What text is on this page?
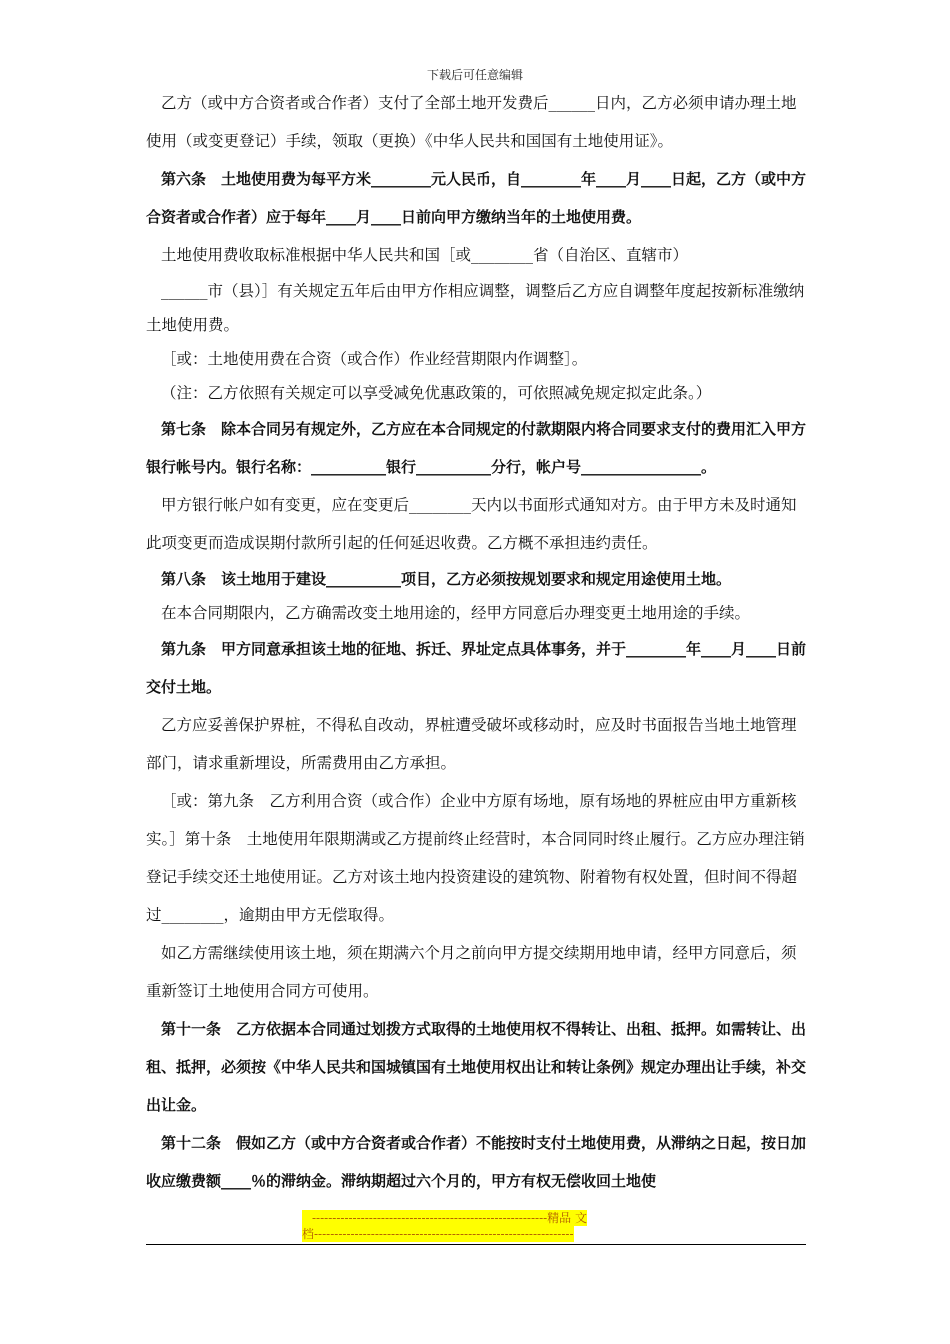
下载后可任意编辑

乙方（或中方合资者或合作者）支付了全部土地开发费后______日内，乙方必须申请办理土地使用（或变更登记）手续，领取（更换）《中华人民共和国国有土地使用证》。

第六条　土地使用费为每平方米________元人民币，自________年____月____日起，乙方（或中方合资者或合作者）应于每年____月____日前向甲方缴纳当年的土地使用费。

土地使用费收取标准根据中华人民共和国［或________省（自治区、直辖市）

______市（县）］有关规定五年后由甲方作相应调整，调整后乙方应自调整年度起按新标准缴纳土地使用费。

［或：土地使用费在合资（或合作）作业经营期限内作调整］。

（注：乙方依照有关规定可以享受减免优惠政策的，可依照减免规定拟定此条。）

第七条　除本合同另有规定外，乙方应在本合同规定的付款期限内将合同要求支付的费用汇入甲方银行帐号内。银行名称：__________银行__________分行，帐户号________________。

甲方银行帐户如有变更，应在变更后________天内以书面形式通知对方。由于甲方未及时通知此项变更而造成误期付款所引起的任何延迟收费。乙方概不承担违约责任。

第八条　该土地用于建设__________项目，乙方必须按规划要求和规定用途使用土地。

在本合同期限内，乙方确需改变土地用途的，经甲方同意后办理变更土地用途的手续。

第九条　甲方同意承担该土地的征地、拆迁、界址定点具体事务，并于________年____月____日前交付土地。

乙方应妥善保护界桩，不得私自改动，界桩遭受破坏或移动时，应及时书面报告当地土地管理部门，请求重新埋设，所需费用由乙方承担。

［或：第九条　乙方利用合资（或合作）企业中方原有场地，原有场地的界桩应由甲方重新核实。］第十条　土地使用年限期满或乙方提前终止经营时，本合同同时终止履行。乙方应办理注销登记手续交还土地使用证。乙方对该土地内投资建设的建筑物、附着物有权处置，但时间不得超过________，逾期由甲方无偿取得。

如乙方需继续使用该土地，须在期满六个月之前向甲方提交续期用地申请，经甲方同意后，须重新签订土地使用合同方可使用。

第十一条　乙方依据本合同通过划拨方式取得的土地使用权不得转让、出租、抵押。如需转让、出租、抵押，必须按《中华人民共和国城镇国有土地使用权出让和转让条例》规定办理出让手续，补交出让金。

第十二条　假如乙方（或中方合资者或合作者）不能按时支付土地使用费，从滞纳之日起，按日加收应缴费额____％的滞纳金。滞纳期超过六个月的，甲方有权无偿收回土地使

----------------------------------------------------------精品 文
档----------------------------------------------------------------
